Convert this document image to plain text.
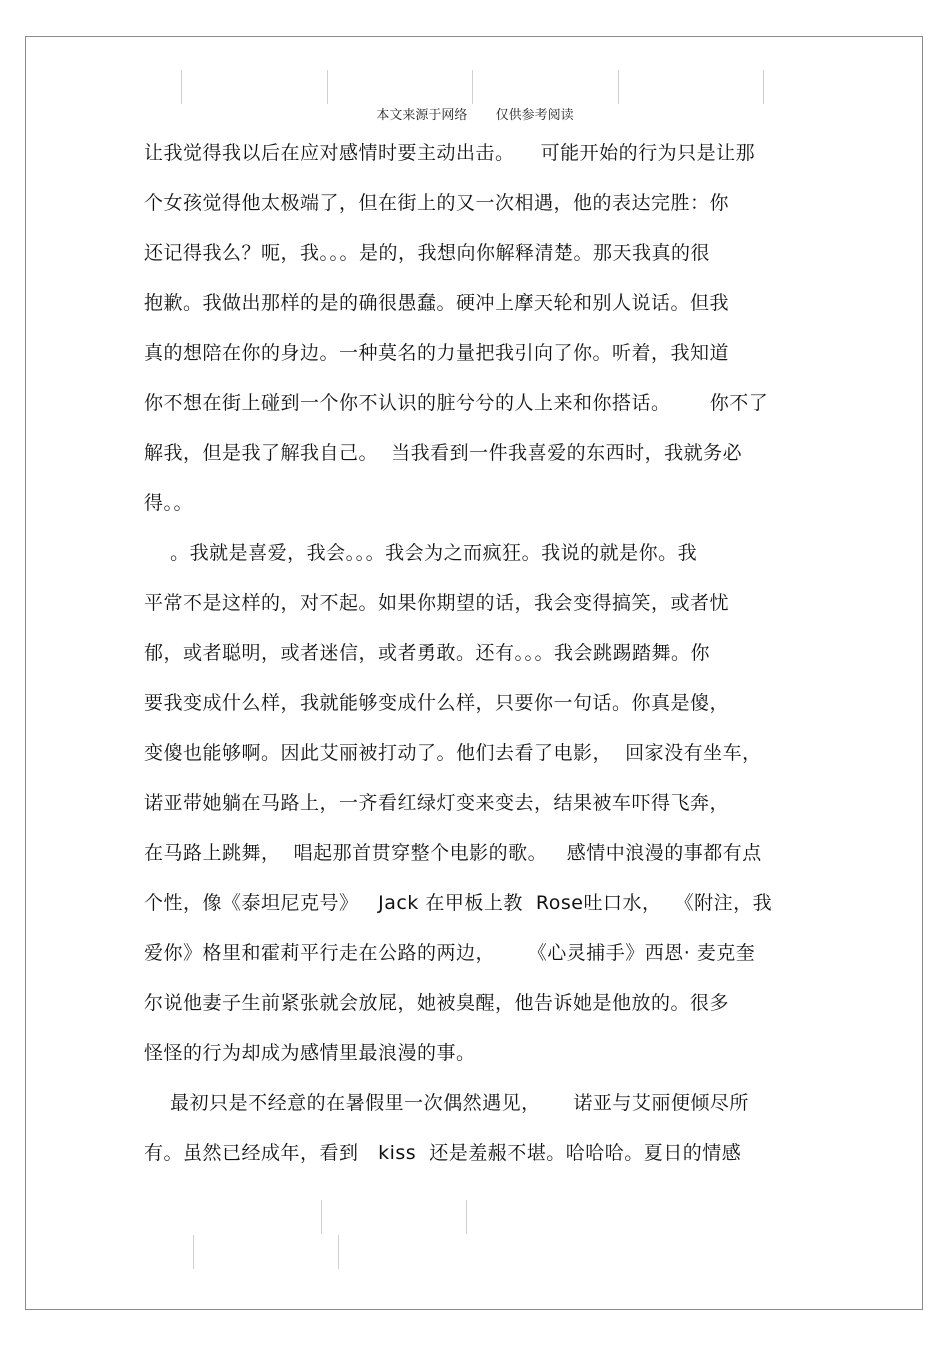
本文来源于网络 仅供参考阅读
让我觉得我以后在应对感情时要主动出击。    可能开始的行为只是让那
个女孩觉得他太极端了，但在街上的又一次相遇，他的表达完胜：你
还记得我么？呃，我。。。是的，我想向你解释清楚。那天我真的很
抱歉。我做出那样的是的确很愚蠢。硬冲上摩天轮和别人说话。但我
真的想陪在你的身边。一种莫名的力量把我引向了你。听着，我知道
你不想在街上碰到一个你不认识的脏兮兮的人上来和你搭话。      你不了
解我，但是我了解我自己。  当我看到一件我喜爱的东西时，我就务必
得。。
。我就是喜爱，我会。。。我会为之而疯狂。我说的就是你。我
平常不是这样的，对不起。如果你期望的话，我会变得搞笑，或者忧
郁，或者聪明，或者迷信，或者勇敢。还有。。。我会跳踢踏舞。你
要我变成什么样，我就能够变成什么样，只要你一句话。你真是傻，
变傻也能够啊。因此艾丽被打动了。他们去看了电影，  回家没有坐车，
诺亚带她躺在马路上，一齐看红绿灯变来变去，结果被车吓得飞奔，
在马路上跳舞，  唱起那首贯穿整个电影的歌。   感情中浪漫的事都有点
个性，像《泰坦尼克号》   Jack 在甲板上教  Rose吐口水，  《附注，我
爱你》格里和霍莉平行走在公路的两边，     《心灵捕手》西恩· 麦克奎
尔说他妻子生前紧张就会放屁，她被臭醒，他告诉她是他放的。很多
怪怪的行为却成为感情里最浪漫的事。
最初只是不经意的在暑假里一次偶然遇见，     诺亚与艾丽便倾尽所
有。虽然已经成年，看到   kiss  还是羞赧不堪。哈哈哈。夏日的情感
